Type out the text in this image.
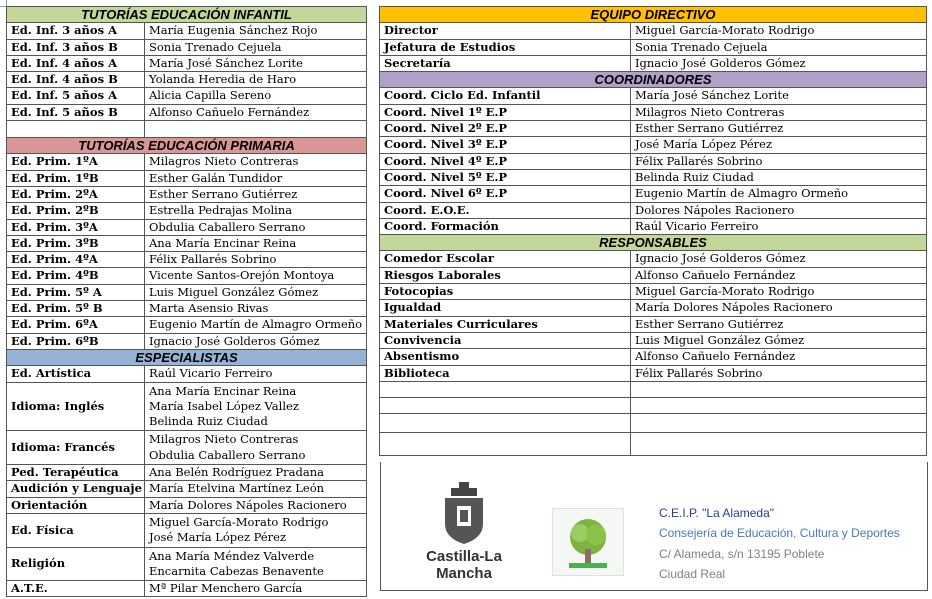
TUTORÍAS EDUCACIÓN INFANTIL	
Ed. Inf. 3 años A	María Eugenia Sánchez Rojo
Ed. Inf. 3 años B	Sonia Trenado Cejuela
Ed. Inf. 4 años A	María José Sánchez Lorite
Ed. Inf. 4 años B	Yolanda Heredia de Haro
Ed. Inf. 5 años A	Alicia Capilla Sereno
Ed. Inf. 5 años B	Alfonso Cañuelo Fernández

TUTORÍAS EDUCACIÓN PRIMARIA	
Ed. Prim. 1ºA	Milagros Nieto Contreras
Ed. Prim. 1ºB	Esther Galán Tundidor
Ed. Prim. 2ºA	Esther Serrano Gutiérrez
Ed. Prim. 2ºB	Estrella Pedrajas Molina
Ed. Prim. 3ºA	Obdulia Caballero Serrano
Ed. Prim. 3ºB	Ana María Encinar Reina
Ed. Prim. 4ºA	Félix Pallarés Sobrino
Ed. Prim. 4ºB	Vicente Santos-Orejón Montoya
Ed. Prim. 5º A	Luis Miguel González Gómez
Ed. Prim. 5º B	Marta Asensio Rivas
Ed. Prim. 6ºA	Eugenio Martín de Almagro Ormeño
Ed. Prim. 6ºB	Ignacio José Golderos Gómez
ESPECIALISTAS	
Ed. Artística	Raúl Vicario Ferreiro

Idioma: Inglés	Ana María Encinar Reina
María Isabel López Vallez
Belinda Ruiz Ciudad

Idioma: Francés	Milagros Nieto Contreras
Obdulia Caballero Serrano

Ped. Terapéutica	Ana Belén Rodríguez Pradana

Audición y Lenguaje	María Etelvina Martínez León

Orientación	María Dolores Nápoles Racionero

Ed. Física	Miguel García-Morato Rodrigo
José María López Pérez

Religión	Ana María Méndez Valverde
Encarnita Cabezas Benavente

A.T.E.	Mª Pilar Menchero García
EQUIPO DIRECTIVO	
Director	Miguel García-Morato Rodrigo
Jefatura de Estudios	Sonia Trenado Cejuela
Secretaría	Ignacio José Golderos Gómez
COORDINADORES	
Coord. Ciclo Ed. Infantil	María José Sánchez Lorite
Coord. Nivel 1º E.P	Milagros Nieto Contreras
Coord. Nivel 2º E.P	Esther Serrano Gutiérrez
Coord. Nivel 3º E.P	José María López Pérez
Coord. Nivel 4º E.P	Félix Pallarés Sobrino
Coord. Nivel 5º E.P	Belinda Ruiz Ciudad
Coord. Nivel 6º E.P	Eugenio Martín de Almagro Ormeño
Coord. E.O.E.	Dolores Nápoles Racionero
Coord. Formación	Raúl Vicario Ferreiro
RESPONSABLES	
Comedor Escolar	Ignacio José Golderos Gómez
Riesgos Laborales	Alfonso Cañuelo Fernández
Fotocopias	Miguel García-Morato Rodrigo
Igualdad	María Dolores Nápoles Racionero
Materiales Curriculares	Esther Serrano Gutiérrez
Convivencia	Luis Miguel González Gómez
Absentismo	Alfonso Cañuelo Fernández
Biblioteca	Félix Pallarés Sobrino

Castilla-La Mancha
C.E.I.P. "La Alameda"
Consejería de Educación, Cultura y Deportes
C/ Alameda, s/n 13195 Poblete
Ciudad Real
